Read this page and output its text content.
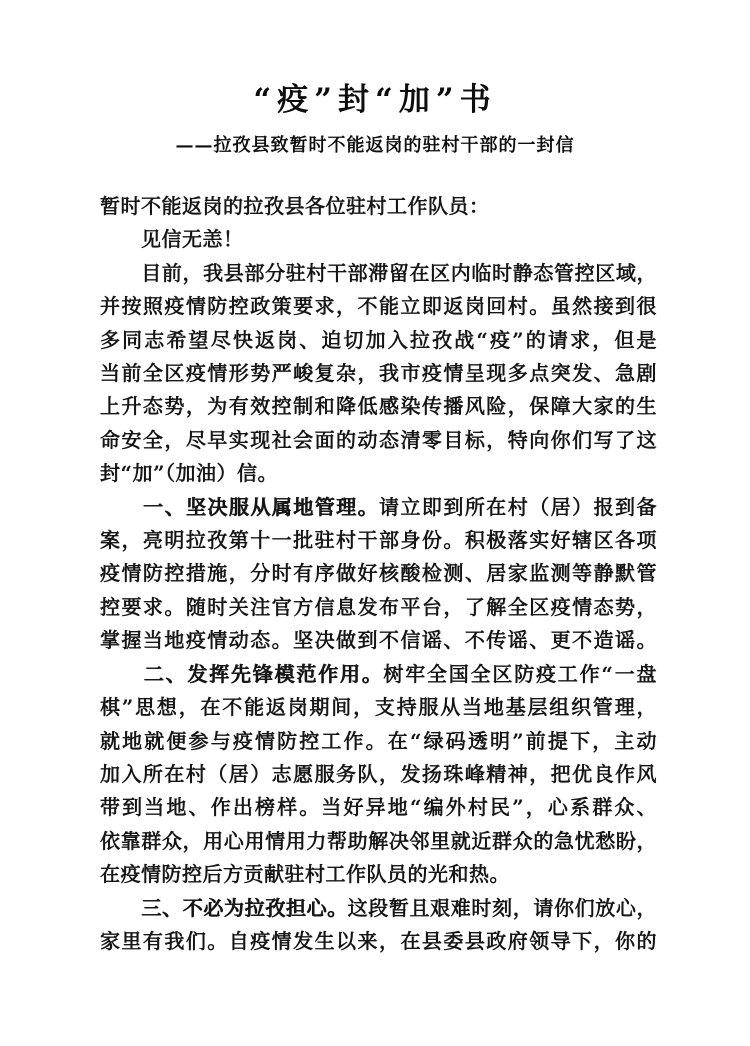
“疫”封“加”书
——拉孜县致暂时不能返岗的驻村干部的一封信
暂时不能返岗的拉孜县各位驻村工作队员：
　　见信无恙！
　　目前，我县部分驻村干部滞留在区内临时静态管控区域，
并按照疫情防控政策要求，不能立即返岗回村。虽然接到很
多同志希望尽快返岗、迫切加入拉孜战“疫”的请求，但是
当前全区疫情形势严峻复杂，我市疫情呈现多点突发、急剧
上升态势，为有效控制和降低感染传播风险，保障大家的生
命安全，尽早实现社会面的动态清零目标，特向你们写了这
封“加”（加油）信。
　　一、坚决服从属地管理。请立即到所在村（居）报到备
案，亮明拉孜第十一批驻村干部身份。积极落实好辖区各项
疫情防控措施，分时有序做好核酸检测、居家监测等静默管
控要求。随时关注官方信息发布平台，了解全区疫情态势，
掌握当地疫情动态。坚决做到不信谣、不传谣、更不造谣。
　　二、发挥先锋模范作用。树牢全国全区防疫工作“一盘
棋”思想，在不能返岗期间，支持服从当地基层组织管理，
就地就便参与疫情防控工作。在“绿码透明”前提下，主动
加入所在村（居）志愿服务队，发扬珠峰精神，把优良作风
带到当地、作出榜样。当好异地“编外村民”，心系群众、
依靠群众，用心用情用力帮助解决邻里就近群众的急忧愁盼，
在疫情防控后方贡献驻村工作队员的光和热。
　　三、不必为拉孜担心。这段暂且艰难时刻，请你们放心，
家里有我们。自疫情发生以来，在县委县政府领导下，你的
